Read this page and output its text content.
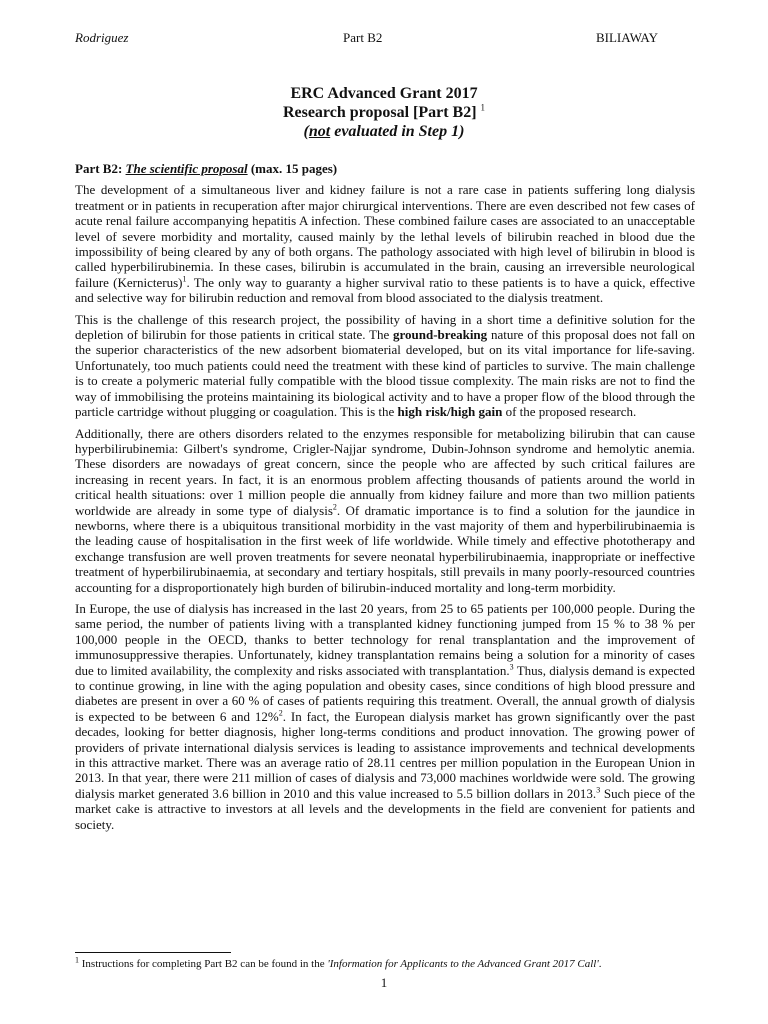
Rodriguez	Part B2	BILIAWAY
ERC Advanced Grant 2017
Research proposal [Part B2] $^1$
(not evaluated in Step 1)

Part B2: The scientific proposal (max. 15 pages)

The development of a simultaneous liver and kidney failure is not a rare case in patients suffering long dialysis treatment or in patients in recuperation after major chirurgical interventions. There are even described not few cases of acute renal failure accompanying hepatitis A infection. These combined failure cases are associated to an unacceptable level of severe morbidity and mortality, caused mainly by the lethal levels of bilirubin reached in blood due the impossibility of being cleared by any of both organs. The pathology associated with high level of bilirubin in blood is called hyperbilirubinemia. In these cases, bilirubin is accumulated in the brain, causing an irreversible neurological failure (Kernicterus)$^1$. The only way to guaranty a higher survival ratio to these patients is to have a quick, effective and selective way for bilirubin reduction and removal from blood associated to the dialysis treatment.

This is the challenge of this research project, the possibility of having in a short time a definitive solution for the depletion of bilirubin for those patients in critical state. The ground-breaking nature of this proposal does not fall on the superior characteristics of the new adsorbent biomaterial developed, but on its vital importance for life-saving. Unfortunately, too much patients could need the treatment with these kind of particles to survive. The main challenge is to create a polymeric material fully compatible with the blood tissue complexity. The main risks are not to find the way of immobilising the proteins maintaining its biological activity and to have a proper flow of the blood through the particle cartridge without plugging or coagulation. This is the high risk/high gain of the proposed research.

Additionally, there are others disorders related to the enzymes responsible for metabolizing bilirubin that can cause hyperbilirubinemia: Gilbert's syndrome, Crigler-Najjar syndrome, Dubin-Johnson syndrome and hemolytic anemia. These disorders are nowadays of great concern, since the people who are affected by such critical failures are increasing in recent years. In fact, it is an enormous problem affecting thousands of patients around the world in critical health situations: over 1 million people die annually from kidney failure and more than two million patients worldwide are already in some type of dialysis$^2$. Of dramatic importance is to find a solution for the jaundice in newborns, where there is a ubiquitous transitional morbidity in the vast majority of them and hyperbilirubinaemia is the leading cause of hospitalisation in the first week of life worldwide. While timely and effective phototherapy and exchange transfusion are well proven treatments for severe neonatal hyperbilirubinaemia, inappropriate or ineffective treatment of hyperbilirubinaemia, at secondary and tertiary hospitals, still prevails in many poorly-resourced countries accounting for a disproportionately high burden of bilirubin-induced mortality and long-term morbidity.

In Europe, the use of dialysis has increased in the last 20 years, from 25 to 65 patients per 100,000 people. During the same period, the number of patients living with a transplanted kidney functioning jumped from 15 % to 38 % per 100,000 people in the OECD, thanks to better technology for renal transplantation and the improvement of immunosuppressive therapies. Unfortunately, kidney transplantation remains being a solution for a minority of cases due to limited availability, the complexity and risks associated with transplantation.$^3$ Thus, dialysis demand is expected to continue growing, in line with the aging population and obesity cases, since conditions of high blood pressure and diabetes are present in over a 60 % of cases of patients requiring this treatment. Overall, the annual growth of dialysis is expected to be between 6 and 12%$^2$. In fact, the European dialysis market has grown significantly over the past decades, looking for better diagnosis, higher long-terms conditions and product innovation. The growing power of providers of private international dialysis services is leading to assistance improvements and technical developments in this attractive market. There was an average ratio of 28.11 centres per million population in the European Union in 2013. In that year, there were 211 million of cases of dialysis and 73,000 machines worldwide were sold. The growing dialysis market generated 3.6 billion in 2010 and this value increased to 5.5 billion dollars in 2013.$^3$ Such piece of the market cake is attractive to investors at all levels and the developments in the field are convenient for patients and society.

$^1$ Instructions for completing Part B2 can be found in the 'Information for Applicants to the Advanced Grant 2017 Call'.
1
